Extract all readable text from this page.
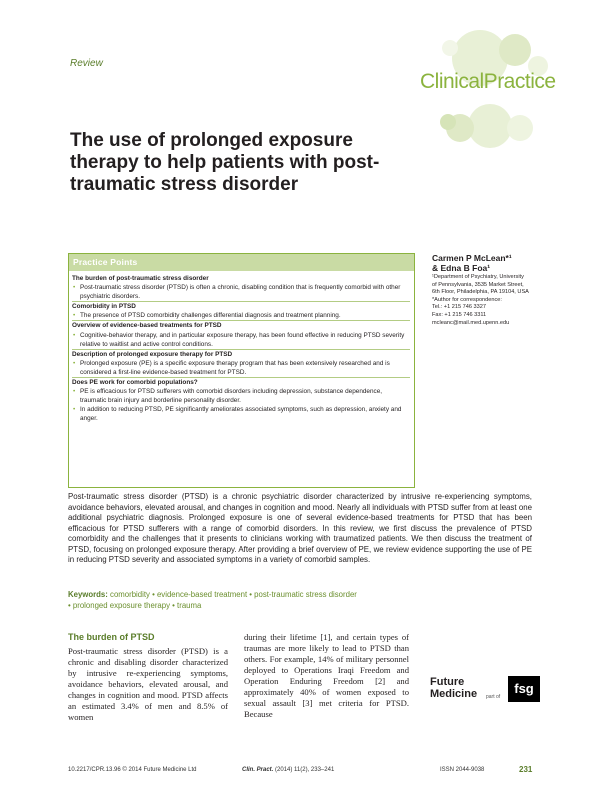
Review
ClinicalPractice
The use of prolonged exposure therapy to help patients with post-traumatic stress disorder
Practice Points
The burden of post-traumatic stress disorder
• Post-traumatic stress disorder (PTSD) is often a chronic, disabling condition that is frequently comorbid with other psychiatric disorders.
Comorbidity in PTSD
• The presence of PTSD comorbidity challenges differential diagnosis and treatment planning.
Overview of evidence-based treatments for PTSD
• Cognitive-behavior therapy, and in particular exposure therapy, has been found effective in reducing PTSD severity relative to waitlist and active control conditions.
Description of prolonged exposure therapy for PTSD
• Prolonged exposure (PE) is a specific exposure therapy program that has been extensively researched and is considered a first-line evidence-based treatment for PTSD.
Does PE work for comorbid populations?
• PE is efficacious for PTSD sufferers with comorbid disorders including depression, substance dependence, traumatic brain injury and borderline personality disorder.
• In addition to reducing PTSD, PE significantly ameliorates associated symptoms, such as depression, anxiety and anger.
Carmen P McLean*¹
& Edna B Foa¹
¹Department of Psychiatry, University
of Pennsylvania, 3535 Market Street,
6th Floor, Philadelphia, PA 19104, USA
*Author for correspondence:
Tel.: +1 215 746 3327
Fax: +1 215 746 3311
mcleanc@mail.med.upenn.edu
Post-traumatic stress disorder (PTSD) is a chronic psychiatric disorder characterized by intrusive re-experiencing symptoms, avoidance behaviors, elevated arousal, and changes in cognition and mood. Nearly all individuals with PTSD suffer from at least one additional psychiatric diagnosis. Prolonged exposure is one of several evidence-based treatments for PTSD that has been efficacious for PTSD sufferers with a range of comorbid disorders. In this review, we first discuss the prevalence of PTSD comorbidity and the challenges that it presents to clinicians working with traumatized patients. We then discuss the treatment of PTSD, focusing on prolonged exposure therapy. After providing a brief overview of PE, we review evidence supporting the use of PE in reducing PTSD severity and associated symptoms in a variety of comorbid samples.
Keywords: comorbidity • evidence-based treatment • post-traumatic stress disorder
• prolonged exposure therapy • trauma
The burden of PTSD
Post-traumatic stress disorder (PTSD) is a chronic and disabling disorder characterized by intrusive re-experiencing symptoms, avoidance behaviors, elevated arousal, and changes in cognition and mood. PTSD affects an estimated 3.4% of men and 8.5% of women
during their lifetime [1], and certain types of traumas are more likely to lead to PTSD than others. For example, 14% of military personnel deployed to Operations Iraqi Freedom and Operation Enduring Freedom [2] and approximately 40% of women exposed to sexual assault [3] met criteria for PTSD. Because
Future
Medicine part of
fsg
10.2217/CPR.13.96 © 2014 Future Medicine Ltd	Clin. Pract. (2014) 11(2), 233–241	ISSN 2044-9038	231
